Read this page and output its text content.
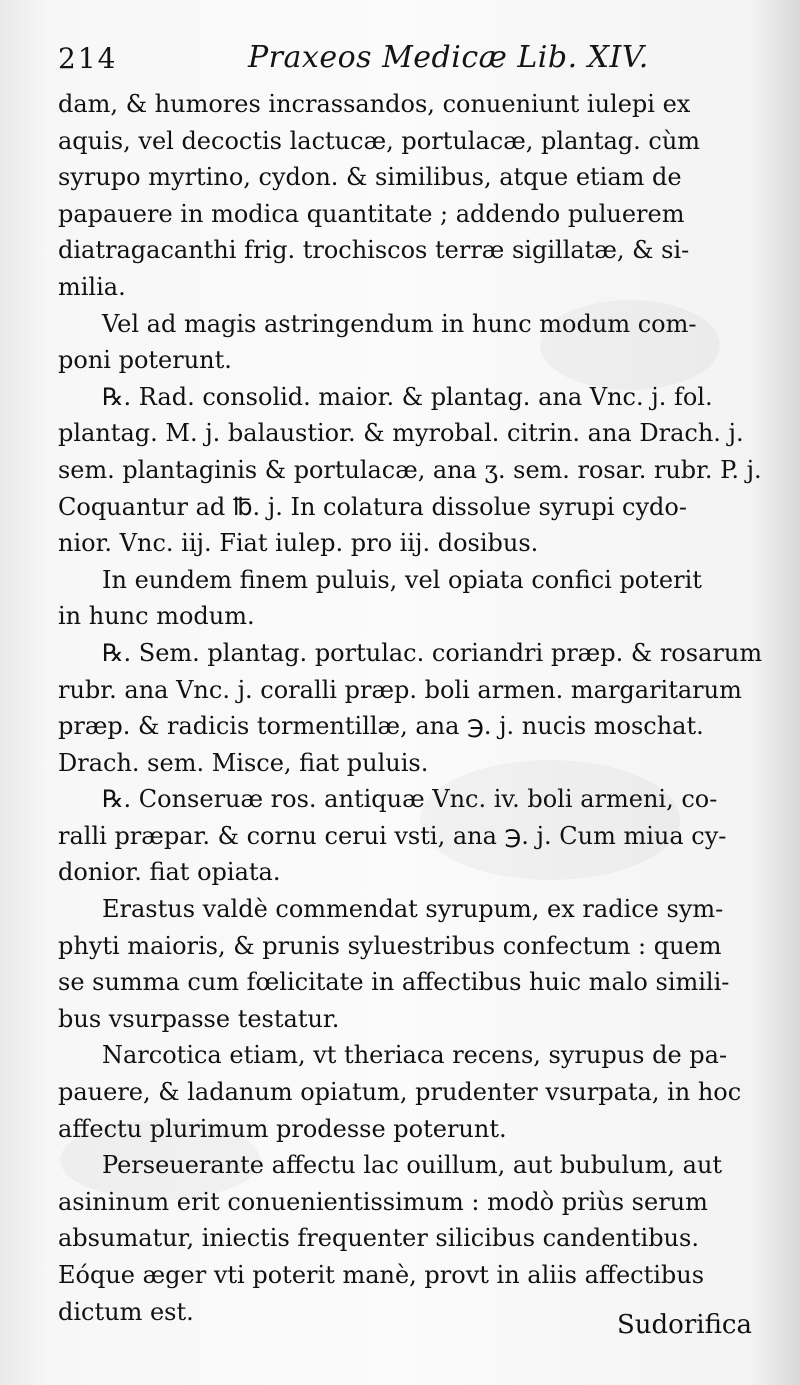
214	Praxeos Medicæ Lib. XIV.
dam, & humores incrassandos, conueniunt iulepi ex
aquis, vel decoctis lactucæ, portulacæ, plantag. cùm
syrupo myrtino, cydon. & similibus, atque etiam de
papauere in modica quantitate ; addendo puluerem
diatragacanthi frig. trochiscos terræ sigillatæ, & si-
milia.
Vel ad magis astringendum in hunc modum com-
poni poterunt.
℞. Rad. consolid. maior. & plantag. ana Vnc. j. fol.
plantag. M. j. balaustior. & myrobal. citrin. ana Drach. j.
sem. plantaginis & portulacæ, ana ʒ. sem. rosar. rubr. P. j.
Coquantur ad ℔. j. In colatura dissolue syrupi cydo-
nior. Vnc. iij. Fiat iulep. pro iij. dosibus.
In eundem finem puluis, vel opiata confici poterit
in hunc modum.
℞. Sem. plantag. portulac. coriandri præp. & rosarum
rubr. ana Vnc. j. coralli præp. boli armen. margaritarum
præp. & radicis tormentillæ, ana ℈. j. nucis moschat.
Drach. sem. Misce, fiat puluis.
℞. Conseruæ ros. antiquæ Vnc. iv. boli armeni, co-
ralli præpar. & cornu cerui vsti, ana ℈. j. Cum miua cy-
donior. fiat opiata.
Erastus valdè commendat syrupum, ex radice sym-
phyti maioris, & prunis syluestribus confectum : quem
se summa cum fœlicitate in affectibus huic malo simili-
bus vsurpasse testatur.
Narcotica etiam, vt theriaca recens, syrupus de pa-
pauere, & ladanum opiatum, prudenter vsurpata, in hoc
affectu plurimum prodesse poterunt.
Perseuerante affectu lac ouillum, aut bubulum, aut
asininum erit conuenientissimum : modò priùs serum
absumatur, iniectis frequenter silicibus candentibus.
Eóque æger vti poterit manè, provt in aliis affectibus
dictum est.	Sudorifica
